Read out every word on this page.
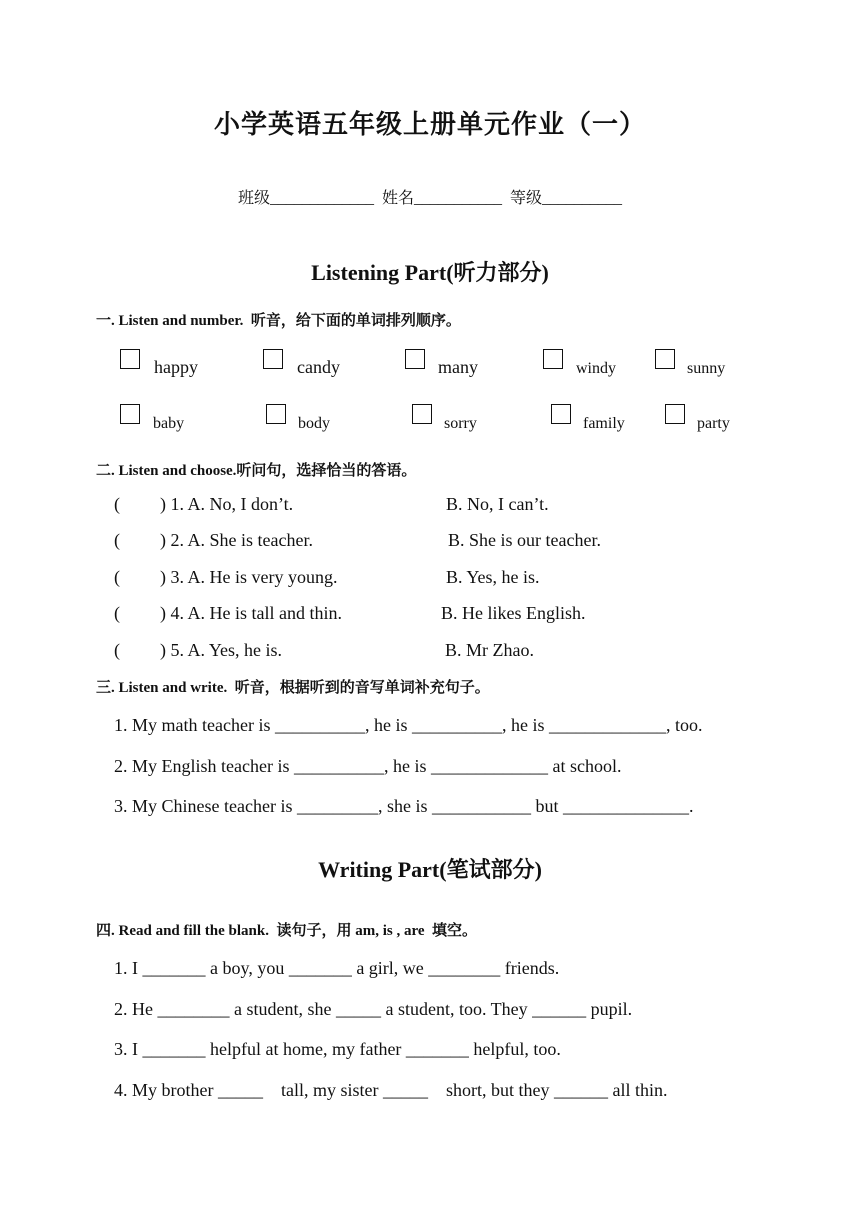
小学英语五年级上册单元作业（一）
班级_____________  姓名___________  等级__________
Listening Part(听力部分)
一. Listen and number.  听音，给下面的单词排列顺序。
happy	candy	many	windy	sunny
baby	body	sorry	family	party
二. Listen and choose.听问句，选择恰当的答语。
( ) 1. A. No, I don’t.	B. No, I can’t.
( ) 2. A. She is teacher.	B. She is our teacher.
( ) 3. A. He is very young.	B. Yes, he is.
( ) 4. A. He is tall and thin.	B. He likes English.
( ) 5. A. Yes, he is.	B. Mr Zhao.
三. Listen and write.  听音，根据听到的音写单词补充句子。
1. My math teacher is __________, he is __________, he is _____________, too.
2. My English teacher is __________, he is _____________ at school.
3. My Chinese teacher is _________, she is ___________ but ______________.
Writing Part(笔试部分)
四. Read and fill the blank.  读句子，用 am, is , are  填空。
1. I _______ a boy, you _______ a girl, we ________ friends.
2. He ________ a student, she _____ a student, too. They ______ pupil.
3. I _______ helpful at home, my father _______ helpful, too.
4. My brother _____    tall, my sister _____    short, but they ______ all thin.
